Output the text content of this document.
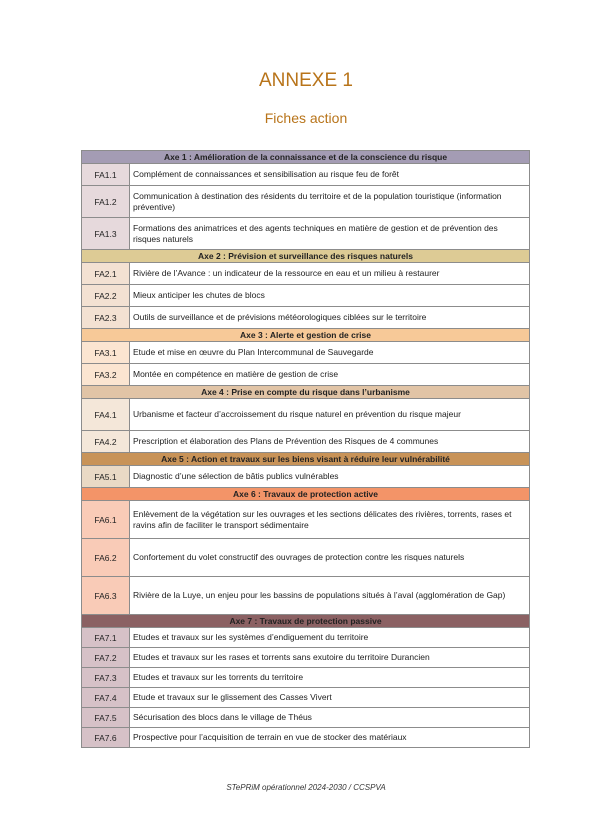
ANNEXE 1
Fiches action
Axe 1 : Amélioration de la connaissance et de la conscience du risque	
FA1.1	Complément de connaissances et sensibilisation au risque feu de forêt
FA1.2	Communication à destination des résidents du territoire et de la population touristique (information préventive)
FA1.3	Formations des animatrices et des agents techniques en matière de gestion et de prévention des risques naturels
Axe 2 : Prévision et surveillance des risques naturels	
FA2.1	Rivière de l’Avance : un indicateur de la ressource en eau et un milieu à restaurer
FA2.2	Mieux anticiper les chutes de blocs
FA2.3	Outils de surveillance et de prévisions météorologiques ciblées sur le territoire
Axe 3 : Alerte et gestion de crise	
FA3.1	Etude et mise en œuvre du Plan Intercommunal de Sauvegarde
FA3.2	Montée en compétence en matière de gestion de crise
Axe 4 : Prise en compte du risque dans l’urbanisme	
FA4.1	Urbanisme et facteur d’accroissement du risque naturel en prévention du risque majeur
FA4.2	Prescription et élaboration des Plans de Prévention des Risques de 4 communes
Axe 5 : Action et travaux sur les biens visant à réduire leur vulnérabilité	
FA5.1	Diagnostic d’une sélection de bâtis publics vulnérables
Axe 6 : Travaux de protection active	
FA6.1	Enlèvement de la végétation sur les ouvrages et les sections délicates des rivières, torrents, rases et ravins afin de faciliter le transport sédimentaire
FA6.2	Confortement du volet constructif des ouvrages de protection contre les risques naturels
FA6.3	Rivière de la Luye, un enjeu pour les bassins de populations situés à l’aval (agglomération de Gap)
Axe 7 : Travaux de protection passive	
FA7.1	Etudes et travaux sur les systèmes d’endiguement du territoire
FA7.2	Etudes et travaux sur les rases et torrents sans exutoire du territoire Durancien
FA7.3	Etudes et travaux sur les torrents du territoire
FA7.4	Etude et travaux sur le glissement des Casses Vivert
FA7.5	Sécurisation des blocs dans le village de Théus
FA7.6	Prospective pour l’acquisition de terrain en vue de stocker des matériaux
STePRiM opérationnel 2024-2030 / CCSPVA
